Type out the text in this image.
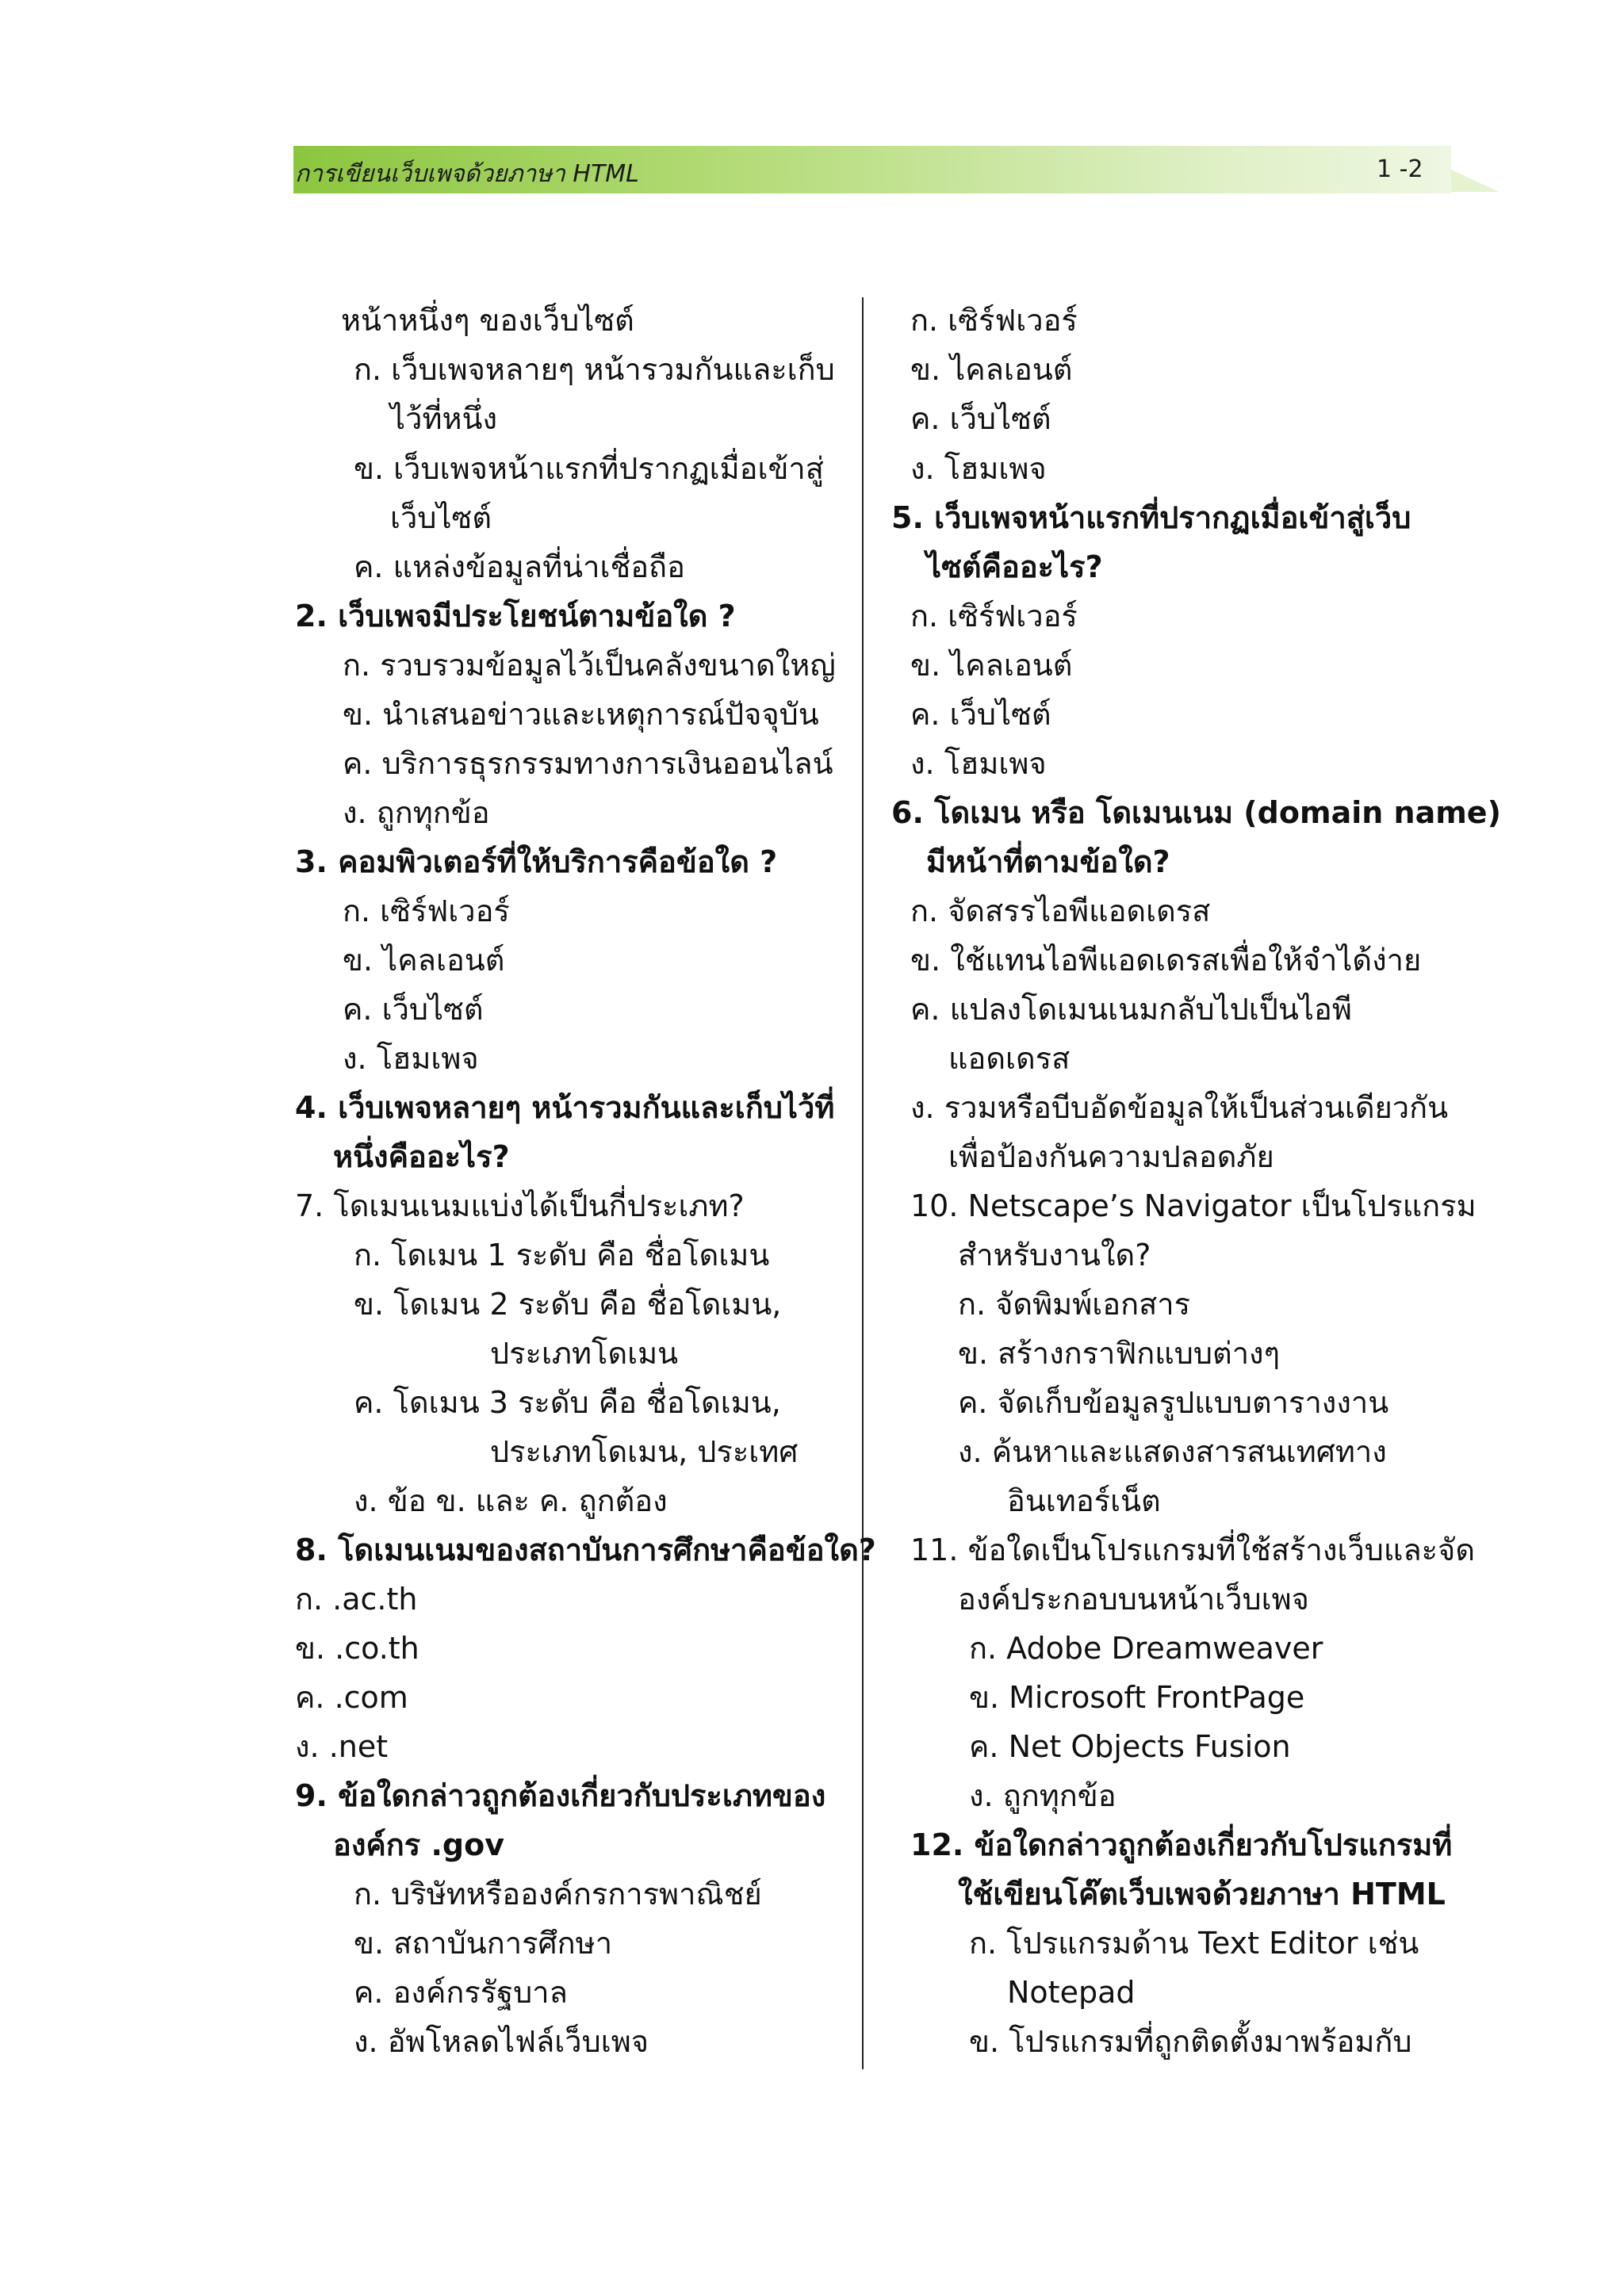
การเขียนเว็บเพจด้วยภาษา HTML	1 -2
หน้าหนึ่งๆ ของเว็บไซต์
ก. เว็บเพจหลายๆ หน้ารวมกันและเก็บ
ไว้ที่หนึ่ง
ข. เว็บเพจหน้าแรกที่ปรากฏเมื่อเข้าสู่
เว็บไซต์
ค. แหล่งข้อมูลที่น่าเชื่อถือ
2. เว็บเพจมีประโยชน์ตามข้อใด ?
ก. รวบรวมข้อมูลไว้เป็นคลังขนาดใหญ่
ข. นำเสนอข่าวและเหตุการณ์ปัจจุบัน
ค. บริการธุรกรรมทางการเงินออนไลน์
ง. ถูกทุกข้อ
3. คอมพิวเตอร์ที่ให้บริการคือข้อใด ?
ก. เซิร์ฟเวอร์
ข. ไคลเอนต์
ค. เว็บไซต์
ง. โฮมเพจ
4. เว็บเพจหลายๆ หน้ารวมกันและเก็บไว้ที่
หนึ่งคืออะไร?
7. โดเมนเนมแบ่งได้เป็นกี่ประเภท?
ก. โดเมน 1 ระดับ คือ ชื่อโดเมน
ข. โดเมน 2 ระดับ คือ ชื่อโดเมน,
ประเภทโดเมน
ค. โดเมน 3 ระดับ คือ ชื่อโดเมน,
ประเภทโดเมน, ประเทศ
ง. ข้อ ข. และ ค. ถูกต้อง
8. โดเมนเนมของสถาบันการศึกษาคือข้อใด?
ก. .ac.th
ข. .co.th
ค. .com
ง. .net
9. ข้อใดกล่าวถูกต้องเกี่ยวกับประเภทของ
องค์กร .gov
ก. บริษัทหรือองค์กรการพาณิชย์
ข. สถาบันการศึกษา
ค. องค์กรรัฐบาล
ง. อัพโหลดไฟล์เว็บเพจ
ก. เซิร์ฟเวอร์
ข. ไคลเอนต์
ค. เว็บไซต์
ง. โฮมเพจ
5. เว็บเพจหน้าแรกที่ปรากฏเมื่อเข้าสู่เว็บ
ไซต์คืออะไร?
ก. เซิร์ฟเวอร์
ข. ไคลเอนต์
ค. เว็บไซต์
ง. โฮมเพจ
6. โดเมน หรือ โดเมนเนม (domain name)
มีหน้าที่ตามข้อใด?
ก. จัดสรรไอพีแอดเดรส
ข. ใช้แทนไอพีแอดเดรสเพื่อให้จำได้ง่าย
ค. แปลงโดเมนเนมกลับไปเป็นไอพี
แอดเดรส
ง. รวมหรือบีบอัดข้อมูลให้เป็นส่วนเดียวกัน
เพื่อป้องกันความปลอดภัย
10. Netscape’s Navigator เป็นโปรแกรม
สำหรับงานใด?
ก. จัดพิมพ์เอกสาร
ข. สร้างกราฟิกแบบต่างๆ
ค. จัดเก็บข้อมูลรูปแบบตารางงาน
ง. ค้นหาและแสดงสารสนเทศทาง
อินเทอร์เน็ต
11. ข้อใดเป็นโปรแกรมที่ใช้สร้างเว็บและจัด
องค์ประกอบบนหน้าเว็บเพจ
ก. Adobe Dreamweaver
ข. Microsoft FrontPage
ค. Net Objects Fusion
ง. ถูกทุกข้อ
12. ข้อใดกล่าวถูกต้องเกี่ยวกับโปรแกรมที่
ใช้เขียนโค๊ตเว็บเพจด้วยภาษา HTML
ก. โปรแกรมด้าน Text Editor เช่น
Notepad
ข. โปรแกรมที่ถูกติดตั้งมาพร้อมกับ
